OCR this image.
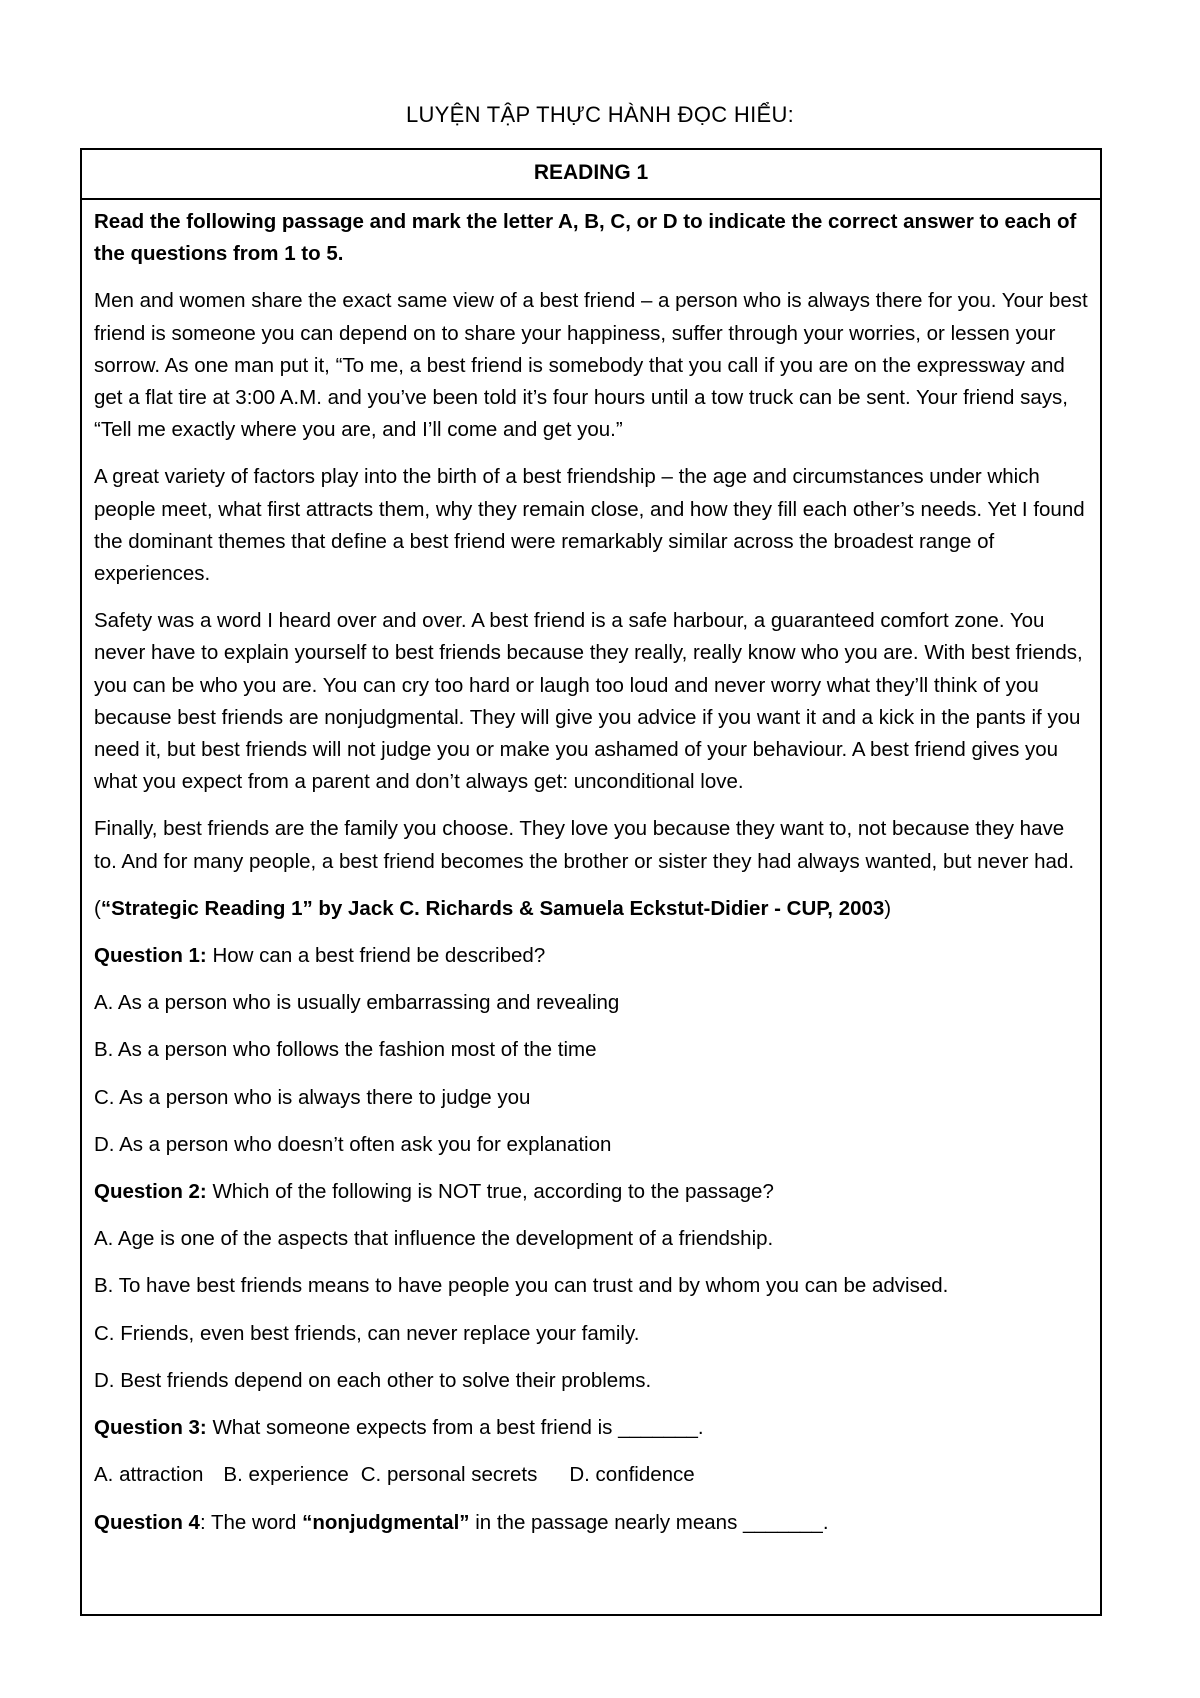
LUYỆN TẬP THỰC HÀNH ĐỌC HIỂU:
READING 1

Read the following passage and mark the letter A, B, C, or D to indicate the correct answer to each of the questions from 1 to 5.

Men and women share the exact same view of a best friend – a person who is always there for you. Your best friend is someone you can depend on to share your happiness, suffer through your worries, or lessen your sorrow. As one man put it, “To me, a best friend is somebody that you call if you are on the expressway and get a flat tire at 3:00 A.M. and you’ve been told it’s four hours until a tow truck can be sent. Your friend says, “Tell me exactly where you are, and I’ll come and get you.”

A great variety of factors play into the birth of a best friendship – the age and circumstances under which people meet, what first attracts them, why they remain close, and how they fill each other’s needs. Yet I found the dominant themes that define a best friend were remarkably similar across the broadest range of experiences.

Safety was a word I heard over and over. A best friend is a safe harbour, a guaranteed comfort zone. You never have to explain yourself to best friends because they really, really know who you are. With best friends, you can be who you are. You can cry too hard or laugh too loud and never worry what they’ll think of you because best friends are nonjudgmental. They will give you advice if you want it and a kick in the pants if you need it, but best friends will not judge you or make you ashamed of your behaviour. A best friend gives you what you expect from a parent and don’t always get: unconditional love.

Finally, best friends are the family you choose. They love you because they want to, not because they have to. And for many people, a best friend becomes the brother or sister they had always wanted, but never had.

(“Strategic Reading 1” by Jack C. Richards & Samuela Eckstut-Didier - CUP, 2003)

Question 1: How can a best friend be described?

A. As a person who is usually embarrassing and revealing

B. As a person who follows the fashion most of the time

C. As a person who is always there to judge you

D. As a person who doesn’t often ask you for explanation

Question 2: Which of the following is NOT true, according to the passage?

A. Age is one of the aspects that influence the development of a friendship.

B. To have best friends means to have people you can trust and by whom you can be advised.

C. Friends, even best friends, can never replace your family.

D. Best friends depend on each other to solve their problems.

Question 3: What someone expects from a best friend is _______.

A. attraction B. experience C. personal secrets D. confidence

Question 4: The word “nonjudgmental” in the passage nearly means _______.
